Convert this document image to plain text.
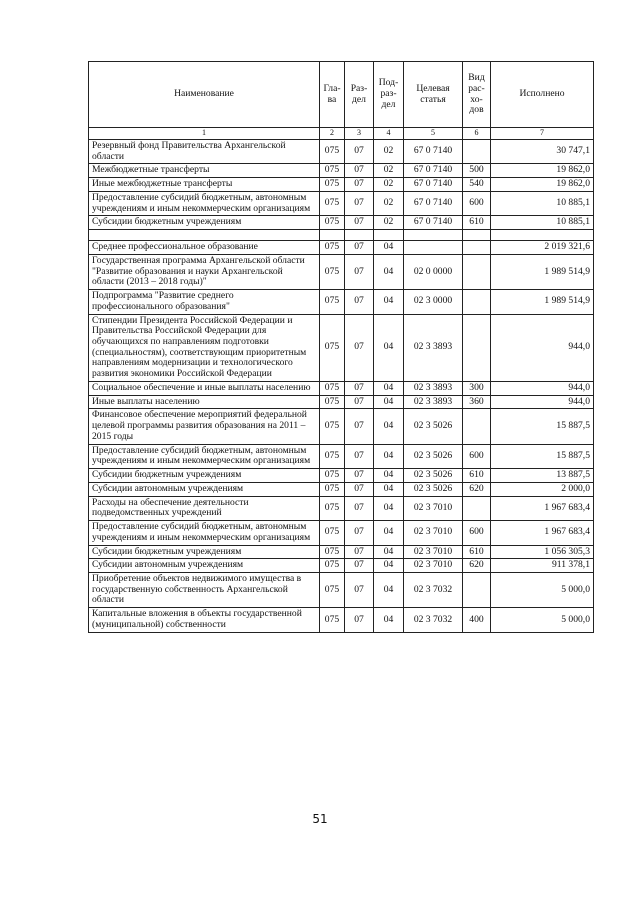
Наименование	Гла-ва	Раз-дел	Под-раз-дел	Целевая статья	Вид рас-хо-дов	Исполнено
1	2	3	4	5	6	7
Резервный фонд Правительства Архангельской области	075	07	02	67 0 7140		30 747,1
Межбюджетные трансферты	075	07	02	67 0 7140	500	19 862,0
Иные межбюджетные трансферты	075	07	02	67 0 7140	540	19 862,0
Предоставление субсидий бюджетным, автономным учреждениям и иным некоммерческим организациям	075	07	02	67 0 7140	600	10 885,1
Субсидии бюджетным учреждениям	075	07	02	67 0 7140	610	10 885,1

Среднее профессиональное образование	075	07	04			2 019 321,6
Государственная программа Архангельской области "Развитие образования и науки Архангельской области (2013 – 2018 годы)"	075	07	04	02 0 0000		1 989 514,9
Подпрограмма "Развитие среднего профессионального образования"	075	07	04	02 3 0000		1 989 514,9
Стипендии Президента Российской Федерации и Правительства Российской Федерации для обучающихся по направлениям подготовки (специальностям), соответствующим приоритетным направлениям модернизации и технологического развития экономики Российской Федерации	075	07	04	02 3 3893		944,0
Социальное обеспечение и иные выплаты населению	075	07	04	02 3 3893	300	944,0
Иные выплаты населению	075	07	04	02 3 3893	360	944,0
Финансовое обеспечение мероприятий федеральной целевой программы развития образования на 2011 – 2015 годы	075	07	04	02 3 5026		15 887,5
Предоставление субсидий бюджетным, автономным учреждениям и иным некоммерческим организациям	075	07	04	02 3 5026	600	15 887,5
Субсидии бюджетным учреждениям	075	07	04	02 3 5026	610	13 887,5
Субсидии автономным учреждениям	075	07	04	02 3 5026	620	2 000,0
Расходы на обеспечение деятельности подведомственных учреждений	075	07	04	02 3 7010		1 967 683,4
Предоставление субсидий бюджетным, автономным учреждениям и иным некоммерческим организациям	075	07	04	02 3 7010	600	1 967 683,4
Субсидии бюджетным учреждениям	075	07	04	02 3 7010	610	1 056 305,3
Субсидии автономным учреждениям	075	07	04	02 3 7010	620	911 378,1
Приобретение объектов недвижимого имущества в государственную собственность Архангельской области	075	07	04	02 3 7032		5 000,0
Капитальные вложения в объекты государственной (муниципальной) собственности	075	07	04	02 3 7032	400	5 000,0
51
